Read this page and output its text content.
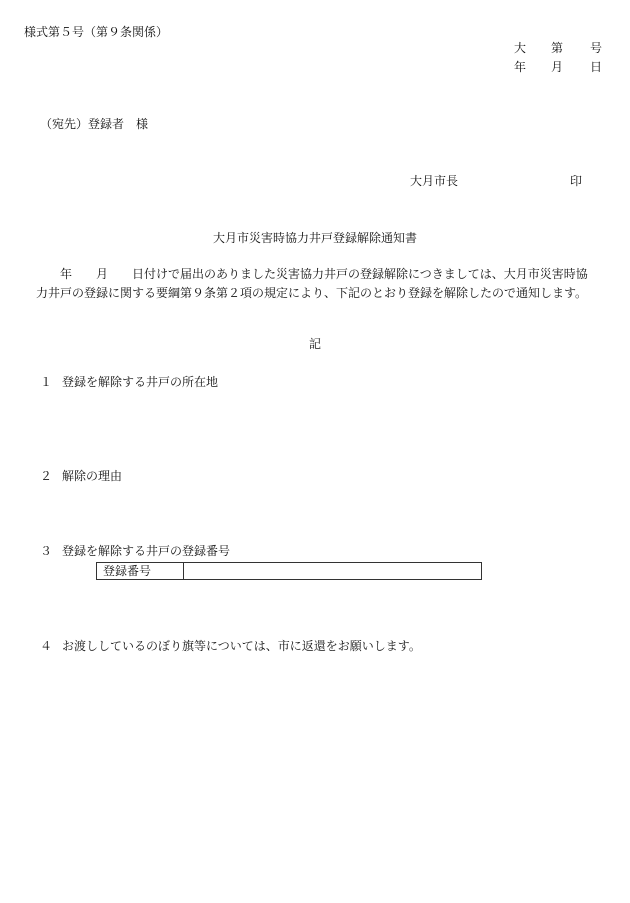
様式第５号（第９条関係）
大 第 号
年 月 日
（宛先）登録者　様
大月市長	印
大月市災害時協力井戸登録解除通知書
年　　月　　日付けで届出のありました災害協力井戸の登録解除につきましては、大月市災害時協
力井戸の登録に関する要綱第９条第２項の規定により、下記のとおり登録を解除したので通知します。
記
１ 登録を解除する井戸の所在地
２ 解除の理由
３ 登録を解除する井戸の登録番号
登録番号
４ お渡ししているのぼり旗等については、市に返還をお願いします。
